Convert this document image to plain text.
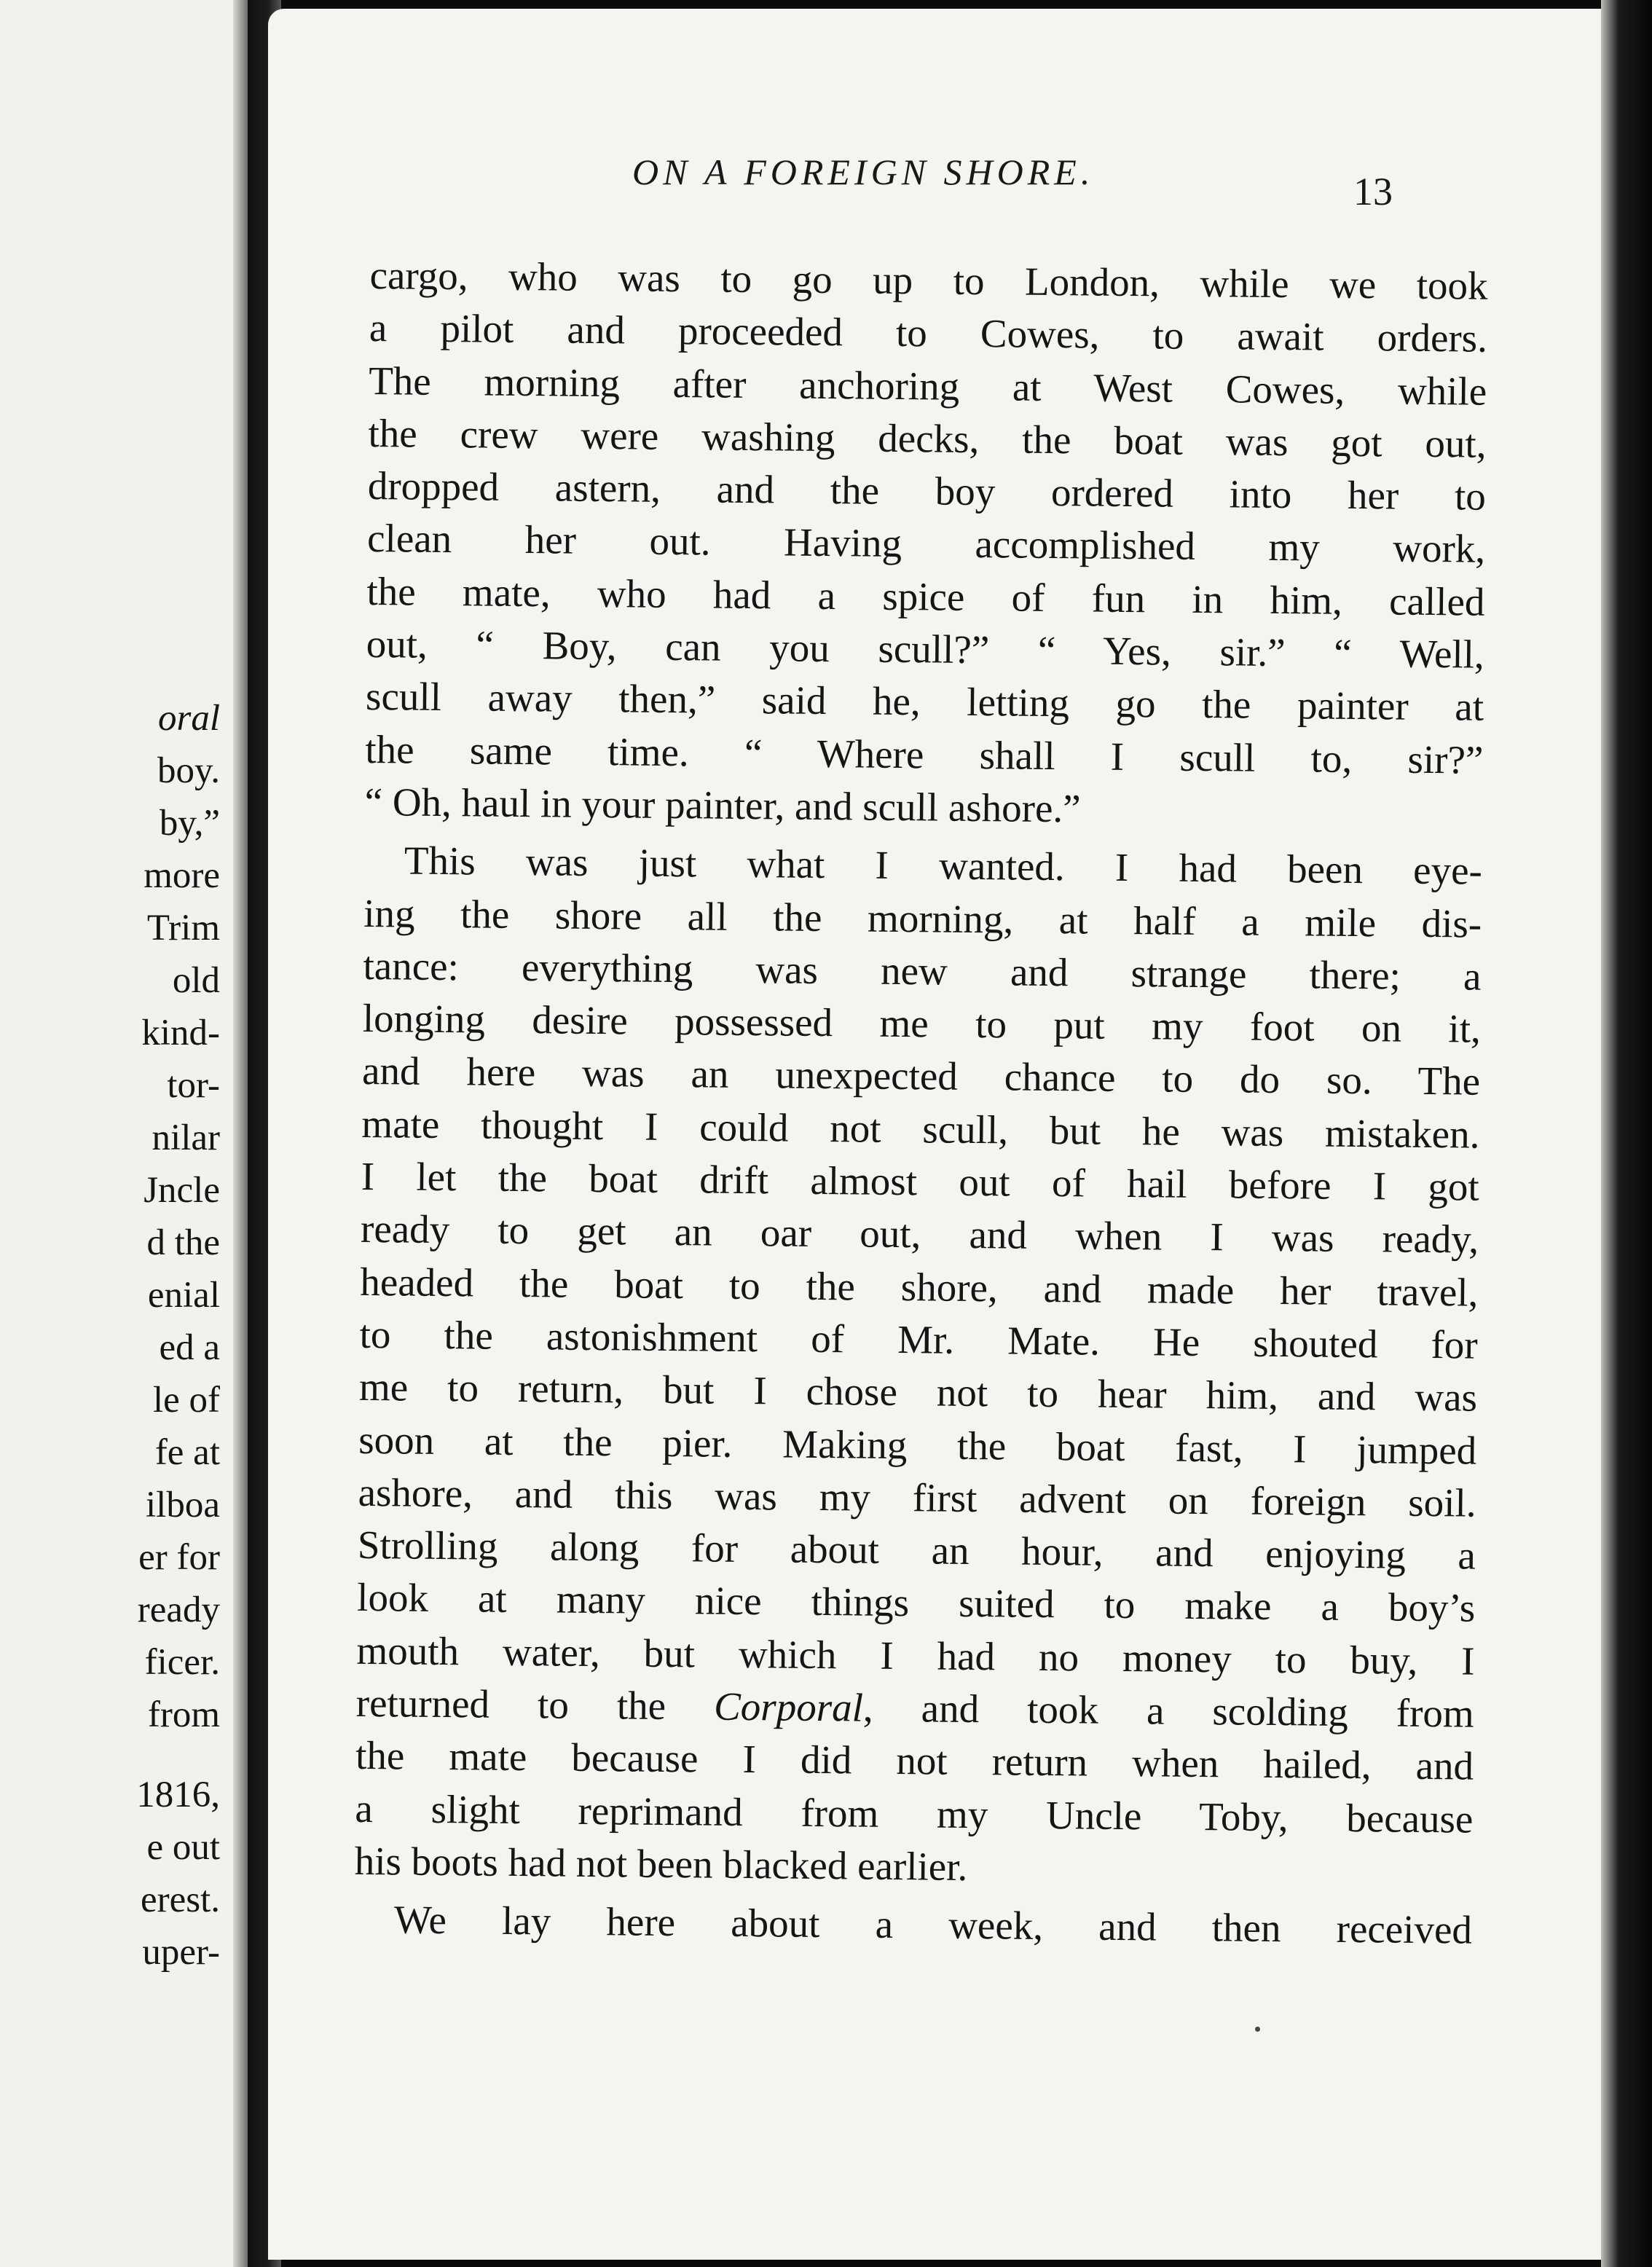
oral
boy.
by,”
more
Trim
old
kind-
tor-
nilar
Jncle
d the
enial
ed a
le of
fe at
ilboa
er for
ready
ficer.
from
1816,
e out
erest.
uper-
ON A FOREIGN SHORE.	13
cargo, who was to go up to London, while we took
a pilot and proceeded to Cowes, to await orders.
The morning after anchoring at West Cowes, while
the crew were washing decks, the boat was got out,
dropped astern, and the boy ordered into her to
clean her out. Having accomplished my work,
the mate, who had a spice of fun in him, called
out, “ Boy, can you scull?” “ Yes, sir.” “ Well,
scull away then,” said he, letting go the painter at
the same time. “ Where shall I scull to, sir?”
“ Oh, haul in your painter, and scull ashore.”
This was just what I wanted. I had been eye-
ing the shore all the morning, at half a mile dis-
tance: everything was new and strange there; a
longing desire possessed me to put my foot on it,
and here was an unexpected chance to do so. The
mate thought I could not scull, but he was mistaken.
I let the boat drift almost out of hail before I got
ready to get an oar out, and when I was ready,
headed the boat to the shore, and made her travel,
to the astonishment of Mr. Mate. He shouted for
me to return, but I chose not to hear him, and was
soon at the pier. Making the boat fast, I jumped
ashore, and this was my first advent on foreign soil.
Strolling along for about an hour, and enjoying a
look at many nice things suited to make a boy’s
mouth water, but which I had no money to buy, I
returned to the Corporal, and took a scolding from
the mate because I did not return when hailed, and
a slight reprimand from my Uncle Toby, because
his boots had not been blacked earlier.
We lay here about a week, and then received
